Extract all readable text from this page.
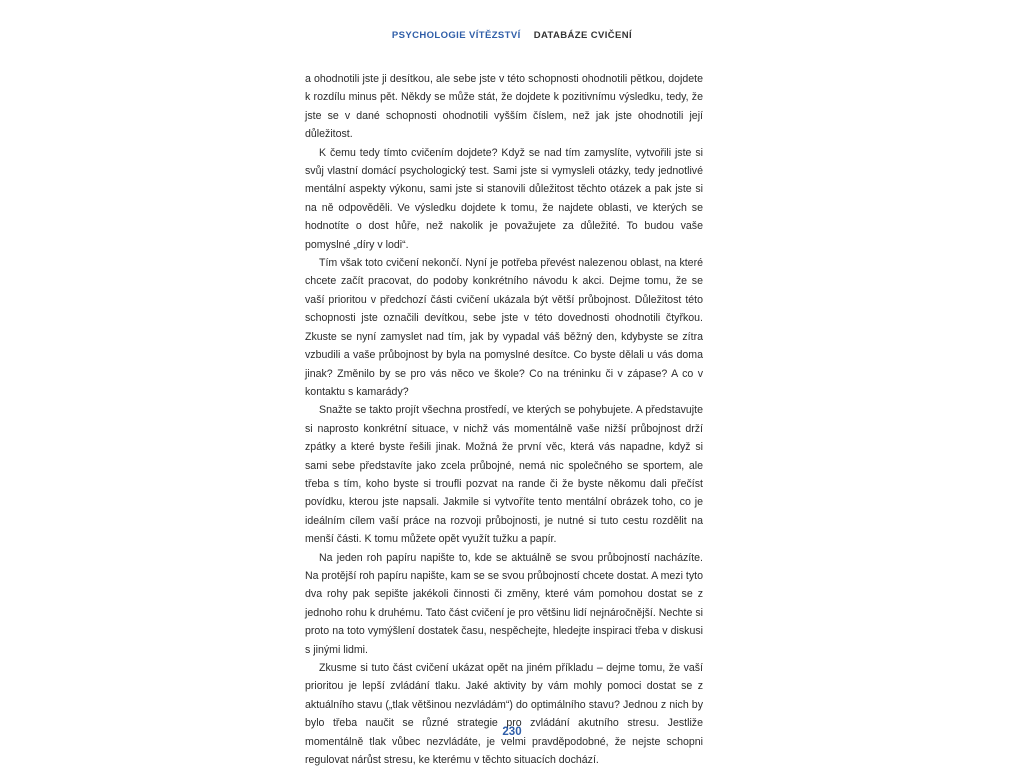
PSYCHOLOGIE VÍTĚZSTVÍ DATABÁZE CVIČENÍ

a ohodnotili jste ji desítkou, ale sebe jste v této schopnosti ohodnotili pětkou, dojdete k rozdílu minus pět. Někdy se může stát, že dojdete k pozitivnímu výsledku, tedy, že jste se v dané schopnosti ohodnotili vyšším číslem, než jak jste ohodnotili její důležitost.

K čemu tedy tímto cvičením dojdete? Když se nad tím zamyslíte, vytvořili jste si svůj vlastní domácí psychologický test. Sami jste si vymysleli otázky, tedy jednotlivé mentální aspekty výkonu, sami jste si stanovili důležitost těchto otázek a pak jste si na ně odpověděli. Ve výsledku dojdete k tomu, že najdete oblasti, ve kterých se hodnotíte o dost hůře, než nakolik je považujete za důležité. To budou vaše pomyslné „díry v lodi“.

Tím však toto cvičení nekončí. Nyní je potřeba převést nalezenou oblast, na které chcete začít pracovat, do podoby konkrétního návodu k akci. Dejme tomu, že se vaší prioritou v předchozí části cvičení ukázala být větší průbojnost. Důležitost této schopnosti jste označili devítkou, sebe jste v této dovednosti ohodnotili čtyřkou. Zkuste se nyní zamyslet nad tím, jak by vypadal váš běžný den, kdybyste se zítra vzbudili a vaše průbojnost by byla na pomyslné desítce. Co byste dělali u vás doma jinak? Změnilo by se pro vás něco ve škole? Co na tréninku či v zápase? A co v kontaktu s kamarády?

Snažte se takto projít všechna prostředí, ve kterých se pohybujete. A představujte si naprosto konkrétní situace, v nichž vás momentálně vaše nižší průbojnost drží zpátky a které byste řešili jinak. Možná že první věc, která vás napadne, když si sami sebe představíte jako zcela průbojné, nemá nic společného se sportem, ale třeba s tím, koho byste si troufli pozvat na rande či že byste někomu dali přečíst povídku, kterou jste napsali. Jakmile si vytvoříte tento mentální obrázek toho, co je ideálním cílem vaší práce na rozvoji průbojnosti, je nutné si tuto cestu rozdělit na menší části. K tomu můžete opět využít tužku a papír.

Na jeden roh papíru napište to, kde se aktuálně se svou průbojností nacházíte. Na protější roh papíru napište, kam se se svou průbojností chcete dostat. A mezi tyto dva rohy pak sepište jakékoli činnosti či změny, které vám pomohou dostat se z jednoho rohu k druhému. Tato část cvičení je pro většinu lidí nejnáročnější. Nechte si proto na toto vymýšlení dostatek času, nespěchejte, hledejte inspiraci třeba v diskusi s jinými lidmi.

Zkusme si tuto část cvičení ukázat opět na jiném příkladu – dejme tomu, že vaší prioritou je lepší zvládání tlaku. Jaké aktivity by vám mohly pomoci dostat se z aktuálního stavu („tlak většinou nezvládám“) do optimálního stavu? Jednou z nich by bylo třeba naučit se různé strategie pro zvládání akutního stresu. Jestliže momentálně tlak vůbec nezvládáte, je velmi pravděpodobné, že nejste schopni regulovat nárůst stresu, ke kterému v těchto situacích dochází.

230
